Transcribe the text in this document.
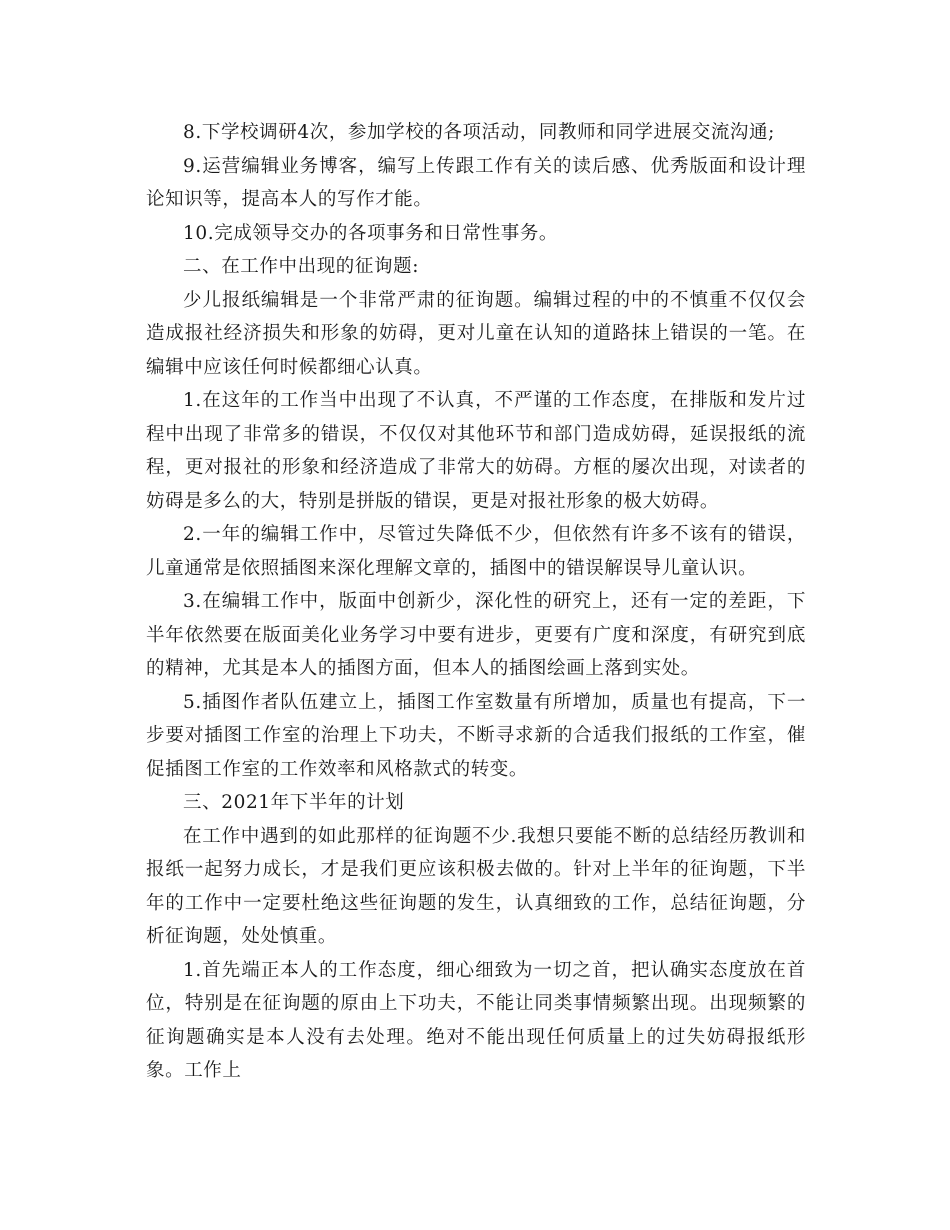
8.下学校调研4次，参加学校的各项活动，同教师和同学进展交流沟通;

9.运营编辑业务博客，编写上传跟工作有关的读后感、优秀版面和设计理论知识等，提高本人的写作才能。

10.完成领导交办的各项事务和日常性事务。

二、在工作中出现的征询题:

少儿报纸编辑是一个非常严肃的征询题。编辑过程的中的不慎重不仅仅会造成报社经济损失和形象的妨碍，更对儿童在认知的道路抹上错误的一笔。在编辑中应该任何时候都细心认真。

1.在这年的工作当中出现了不认真，不严谨的工作态度，在排版和发片过程中出现了非常多的错误，不仅仅对其他环节和部门造成妨碍，延误报纸的流程，更对报社的形象和经济造成了非常大的妨碍。方框的屡次出现，对读者的妨碍是多么的大，特别是拼版的错误，更是对报社形象的极大妨碍。

2.一年的编辑工作中，尽管过失降低不少，但依然有许多不该有的错误，儿童通常是依照插图来深化理解文章的，插图中的错误解误导儿童认识。

3.在编辑工作中，版面中创新少，深化性的研究上，还有一定的差距，下半年依然要在版面美化业务学习中要有进步，更要有广度和深度，有研究到底的精神，尤其是本人的插图方面，但本人的插图绘画上落到实处。

5.插图作者队伍建立上，插图工作室数量有所增加，质量也有提高，下一步要对插图工作室的治理上下功夫，不断寻求新的合适我们报纸的工作室，催促插图工作室的工作效率和风格款式的转变。

三、2021年下半年的计划

在工作中遇到的如此那样的征询题不少.我想只要能不断的总结经历教训和报纸一起努力成长，才是我们更应该积极去做的。针对上半年的征询题，下半年的工作中一定要杜绝这些征询题的发生，认真细致的工作，总结征询题，分析征询题，处处慎重。

1.首先端正本人的工作态度，细心细致为一切之首，把认确实态度放在首位，特别是在征询题的原由上下功夫，不能让同类事情频繁出现。出现频繁的征询题确实是本人没有去处理。绝对不能出现任何质量上的过失妨碍报纸形象。工作上
